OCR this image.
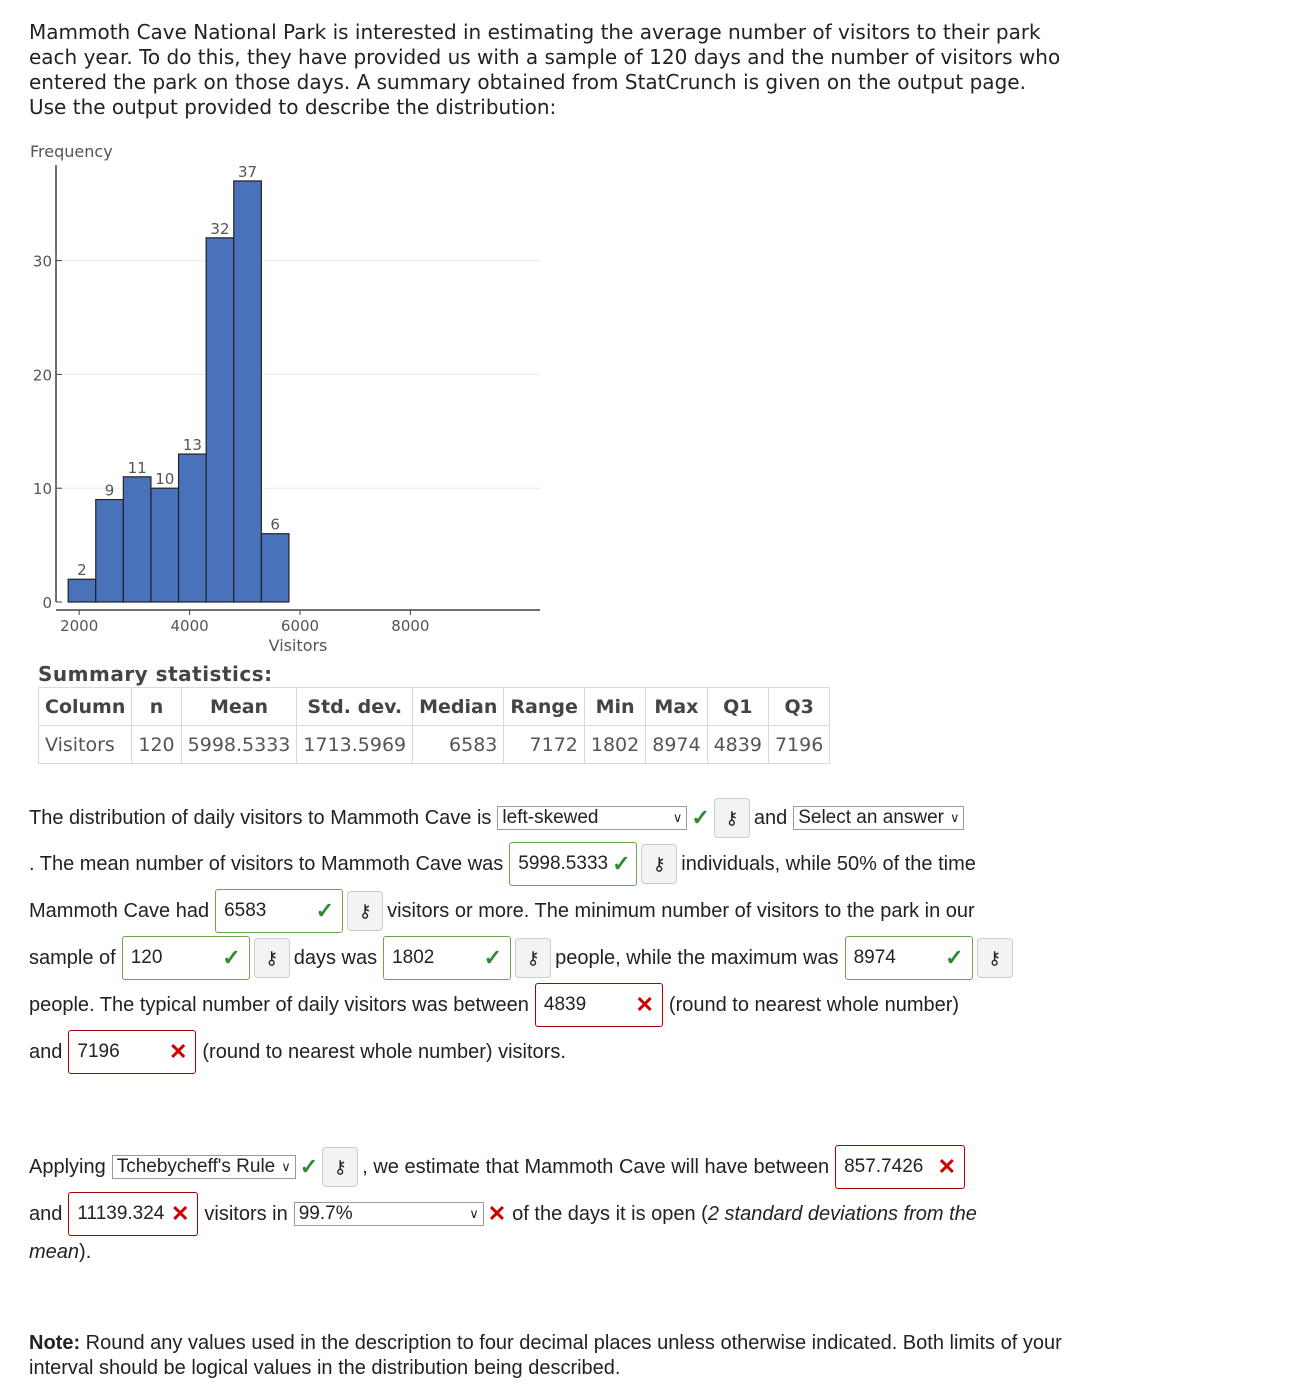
Mammoth Cave National Park is interested in estimating the average number of visitors to their park each year. To do this, they have provided us with a sample of 120 days and the number of visitors who entered the park on those days. A summary obtained from StatCrunch is given on the output page. Use the output provided to describe the distribution:
Frequency
0
10
20
30
2
9
11
10
13
32
37
6
2000	4000	6000	8000
Visitors
Summary statistics:
Column	n	Mean	Std. dev.	Median	Range	Min	Max	Q1	Q3
Visitors	120	5998.5333	1713.5969	6583	7172	1802	8974	4839	7196
The distribution of daily visitors to Mammoth Cave is left-skewed	∨ ✓ ⚷ and Select an answer ∨
. The mean number of visitors to Mammoth Cave was 5998.5333 ✓	⚷ individuals, while 50% of the time
Mammoth Cave had 6583 ✓	⚷ visitors or more. The minimum number of visitors to the park in our
sample of 120	✓	⚷ days was 1802 ✓	⚷ people, while the maximum was 8974 ✓	⚷
people. The typical number of daily visitors was between 4839 ✕ (round to nearest whole number)
and 7196 ✕ (round to nearest whole number) visitors.
Applying Tchebycheff's Rule ∨ ✓ ⚷ , we estimate that Mammoth Cave will have between 857.7426 ✕
and 11139.324 ✕ visitors in 99.7%	∨ ✕ of the days it is open ( 2 standard deviations from the
mean ).
Note: Round any values used in the description to four decimal places unless otherwise indicated. Both limits of your interval should be logical values in the distribution being described.
